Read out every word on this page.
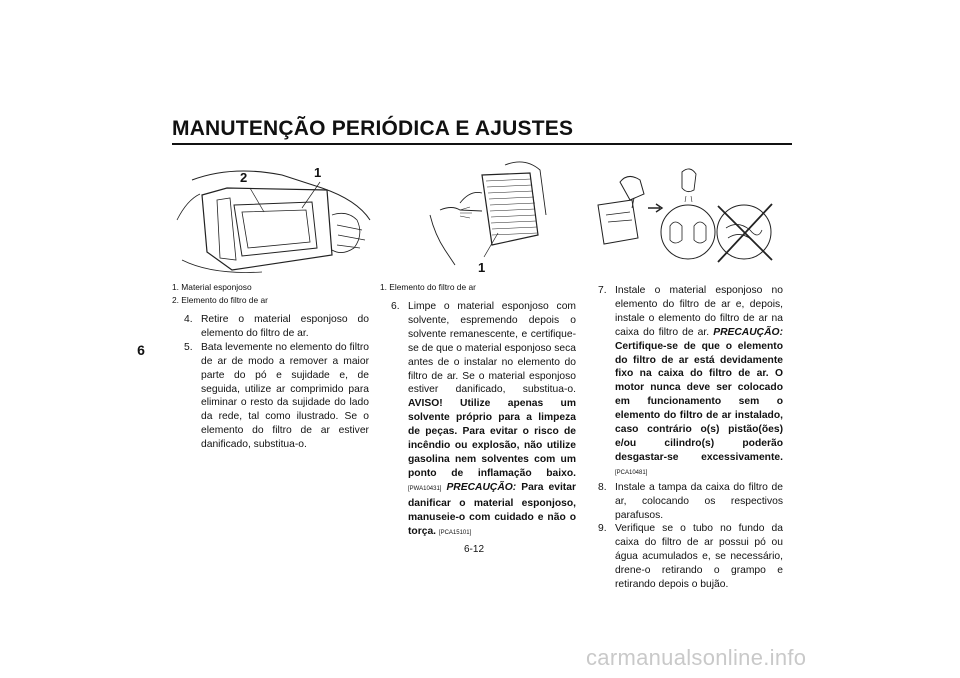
MANUTENÇÃO PERIÓDICA E AJUSTES
6
2	1
1
1. Material esponjoso
2. Elemento do filtro de ar
1. Elemento do filtro de ar
4. Retire o material esponjoso do elemento do filtro de ar.

5. Bata levemente no elemento do filtro de ar de modo a remover a maior parte do pó e sujidade e, de seguida, utilize ar comprimido para eliminar o resto da sujidade do lado da rede, tal como ilustrado. Se o elemento do filtro de ar estiver danificado, substitua-o.

6. Limpe o material esponjoso com solvente, espremendo depois o solvente remanescente, e certifique-se de que o material esponjoso seca antes de o instalar no elemento do filtro de ar. Se o material esponjoso estiver danificado, substitua-o. AVISO! Utilize apenas um solvente próprio para a limpeza de peças. Para evitar o risco de incêndio ou explosão, não utilize gasolina nem solventes com um ponto de inflamação baixo. [PWA10431] PRECAUÇÃO: Para evitar danificar o material esponjoso, manuseie-o com cuidado e não o torça. [PCA15101]

7. Instale o material esponjoso no elemento do filtro de ar e, depois, instale o elemento do filtro de ar na caixa do filtro de ar. PRECAUÇÃO: Certifique-se de que o elemento do filtro de ar está devidamente fixo na caixa do filtro de ar. O motor nunca deve ser colocado em funcionamento sem o elemento do filtro de ar instalado, caso contrário o(s) pistão(ões) e/ou cilindro(s) poderão desgastar-se excessivamente. [PCA10481]

8. Instale a tampa da caixa do filtro de ar, colocando os respectivos parafusos.

9. Verifique se o tubo no fundo da caixa do filtro de ar possui pó ou água acumulados e, se necessário, drene-o retirando o grampo e retirando depois o bujão.

6-12
carmanualsonline.info
